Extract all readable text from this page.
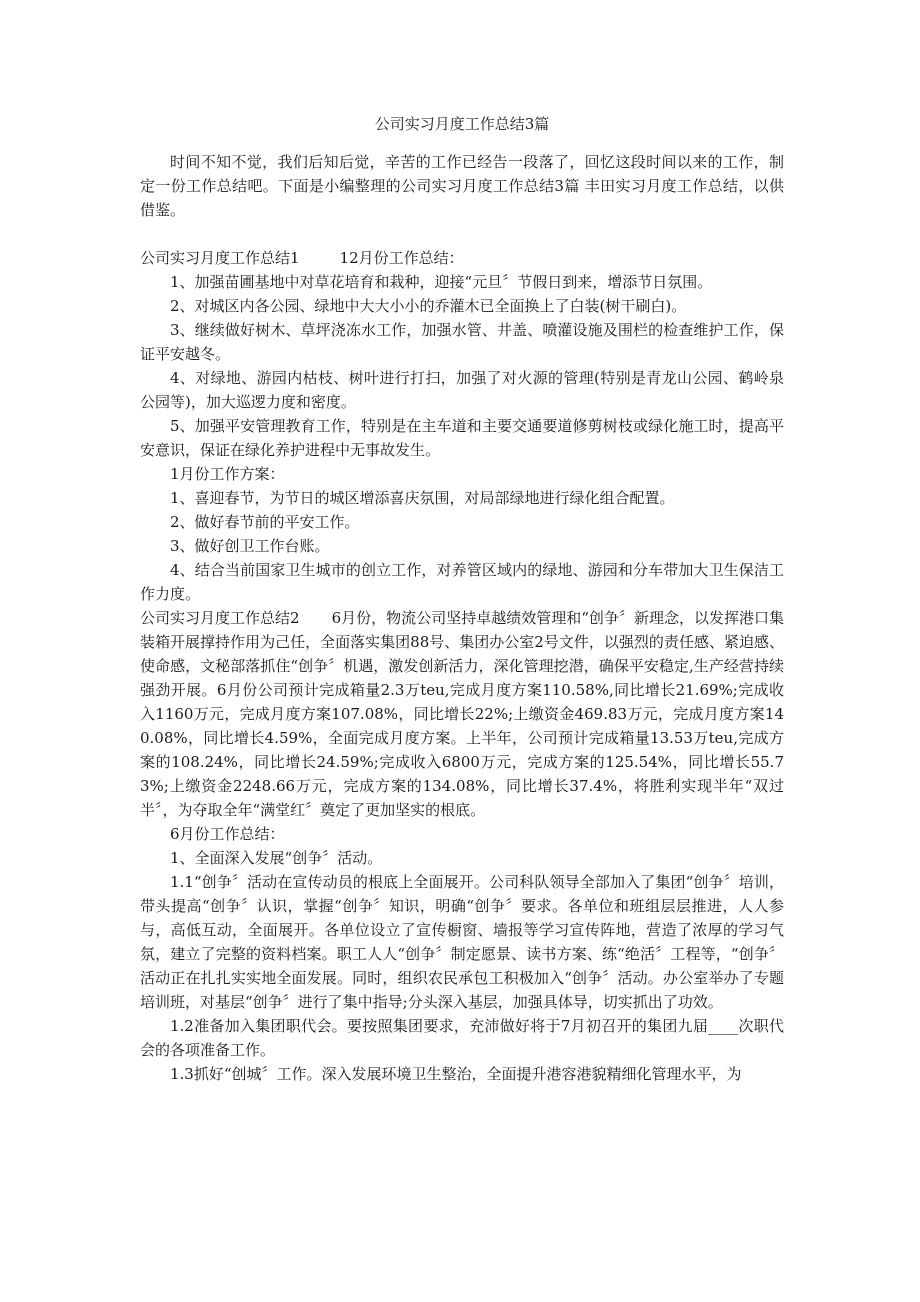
公司实习月度工作总结3篇

时间不知不觉，我们后知后觉，辛苦的工作已经告一段落了，回忆这段时间以来的工作，制定一份工作总结吧。下面是小编整理的公司实习月度工作总结3篇 丰田实习月度工作总结，以供借鉴。

公司实习月度工作总结1	12月份工作总结：

1、加强苗圃基地中对草花培育和栽种，迎接“元旦〞节假日到来，增添节日氛围。

2、对城区内各公园、绿地中大大小小的乔灌木已全面换上了白装(树干刷白)。

3、继续做好树木、草坪浇冻水工作，加强水管、井盖、喷灌设施及围栏的检查维护工作，保证平安越冬。

4、对绿地、游园内枯枝、树叶进行打扫，加强了对火源的管理(特别是青龙山公园、鹤岭泉公园等)，加大巡逻力度和密度。

5、加强平安管理教育工作，特别是在主车道和主要交通要道修剪树枝或绿化施工时，提高平安意识，保证在绿化养护进程中无事故发生。

1月份工作方案：

1、喜迎春节，为节日的城区增添喜庆氛围，对局部绿地进行绿化组合配置。

2、做好春节前的平安工作。

3、做好创卫工作台账。

4、结合当前国家卫生城市的创立工作，对养管区域内的绿地、游园和分车带加大卫生保洁工作力度。

公司实习月度工作总结2 6月份，物流公司坚持卓越绩效管理和“创争〞新理念，以发挥港口集装箱开展撑持作用为己任，全面落实集团88号、集团办公室2号文件，以强烈的责任感、紧迫感、使命感，文秘部落抓住“创争〞机遇，激发创新活力，深化管理挖潜，确保平安稳定,生产经营持续强劲开展。6月份公司预计完成箱量2.3万teu,完成月度方案110.58%,同比增长21.69%;完成收入1160万元，完成月度方案107.08%，同比增长22%;上缴资金469.83万元，完成月度方案140.08%，同比增长4.59%，全面完成月度方案。上半年，公司预计完成箱量13.53万teu,完成方案的108.24%，同比增长24.59%;完成收入6800万元，完成方案的125.54%，同比增长55.73%;上缴资金2248.66万元，完成方案的134.08%，同比增长37.4%，将胜利实现半年“双过半〞，为夺取全年“满堂红〞奠定了更加坚实的根底。

6月份工作总结：

1、全面深入发展“创争〞活动。

1.1“创争〞活动在宣传动员的根底上全面展开。公司科队领导全部加入了集团“创争〞培训，带头提高“创争〞认识，掌握“创争〞知识，明确“创争〞要求。各单位和班组层层推进，人人参与，高低互动，全面展开。各单位设立了宣传橱窗、墙报等学习宣传阵地，营造了浓厚的学习气氛，建立了完整的资料档案。职工人人“创争〞制定愿景、读书方案、练“绝活〞工程等，“创争〞活动正在扎扎实实地全面发展。同时，组织农民承包工积极加入“创争〞活动。办公室举办了专题培训班，对基层“创争〞进行了集中指导;分头深入基层，加强具体导，切实抓出了功效。

1.2准备加入集团职代会。要按照集团要求，充沛做好将于7月初召开的集团九届____次职代会的各项准备工作。

1.3抓好“创城〞工作。深入发展环境卫生整治，全面提升港容港貌精细化管理水平，为
